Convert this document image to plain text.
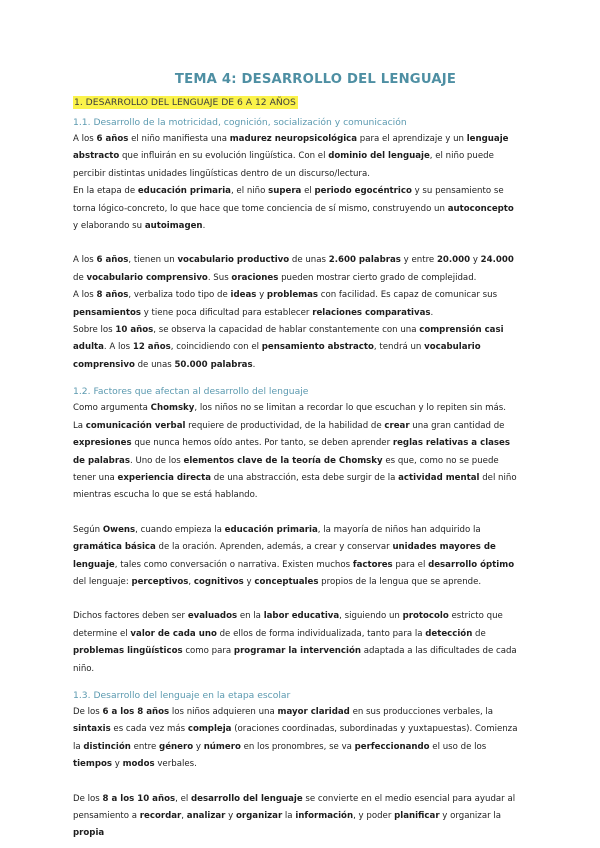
TEMA 4: DESARROLLO DEL LENGUAJE
1. DESARROLLO DEL LENGUAJE DE 6 A 12 AÑOS
1.1. Desarrollo de la motricidad, cognición, socialización y comunicación

A los 6 años el niño manifiesta una madurez neuropsicológica para el aprendizaje y un lenguaje abstracto que influirán en su evolución lingüística. Con el dominio del lenguaje, el niño puede percibir distintas unidades lingüísticas dentro de un discurso/lectura.

En la etapa de educación primaria, el niño supera el periodo egocéntrico y su pensamiento se torna lógico-concreto, lo que hace que tome conciencia de sí mismo, construyendo un autoconcepto y elaborando su autoimagen.

A los 6 años, tienen un vocabulario productivo de unas 2.600 palabras y entre 20.000 y 24.000 de vocabulario comprensivo. Sus oraciones pueden mostrar cierto grado de complejidad.

A los 8 años, verbaliza todo tipo de ideas y problemas con facilidad. Es capaz de comunicar sus pensamientos y tiene poca dificultad para establecer relaciones comparativas.

Sobre los 10 años, se observa la capacidad de hablar constantemente con una comprensión casi adulta. A los 12 años, coincidiendo con el pensamiento abstracto, tendrá un vocabulario comprensivo de unas 50.000 palabras.

1.2. Factores que afectan al desarrollo del lenguaje

Como argumenta Chomsky, los niños no se limitan a recordar lo que escuchan y lo repiten sin más. La comunicación verbal requiere de productividad, de la habilidad de crear una gran cantidad de expresiones que nunca hemos oído antes. Por tanto, se deben aprender reglas relativas a clases de palabras. Uno de los elementos clave de la teoría de Chomsky es que, como no se puede tener una experiencia directa de una abstracción, esta debe surgir de la actividad mental del niño mientras escucha lo que se está hablando.

Según Owens, cuando empieza la educación primaria, la mayoría de niños han adquirido la gramática básica de la oración. Aprenden, además, a crear y conservar unidades mayores de lenguaje, tales como conversación o narrativa. Existen muchos factores para el desarrollo óptimo del lenguaje: perceptivos, cognitivos y conceptuales propios de la lengua que se aprende.

Dichos factores deben ser evaluados en la labor educativa, siguiendo un protocolo estricto que determine el valor de cada uno de ellos de forma individualizada, tanto para la detección de problemas lingüísticos como para programar la intervención adaptada a las dificultades de cada niño.

1.3. Desarrollo del lenguaje en la etapa escolar

De los 6 a los 8 años los niños adquieren una mayor claridad en sus producciones verbales, la sintaxis es cada vez más compleja (oraciones coordinadas, subordinadas y yuxtapuestas). Comienza la distinción entre género y número en los pronombres, se va perfeccionando el uso de los tiempos y modos verbales.

De los 8 a los 10 años, el desarrollo del lenguaje se convierte en el medio esencial para ayudar al pensamiento a recordar, analizar y organizar la información, y poder planificar y organizar la propia
